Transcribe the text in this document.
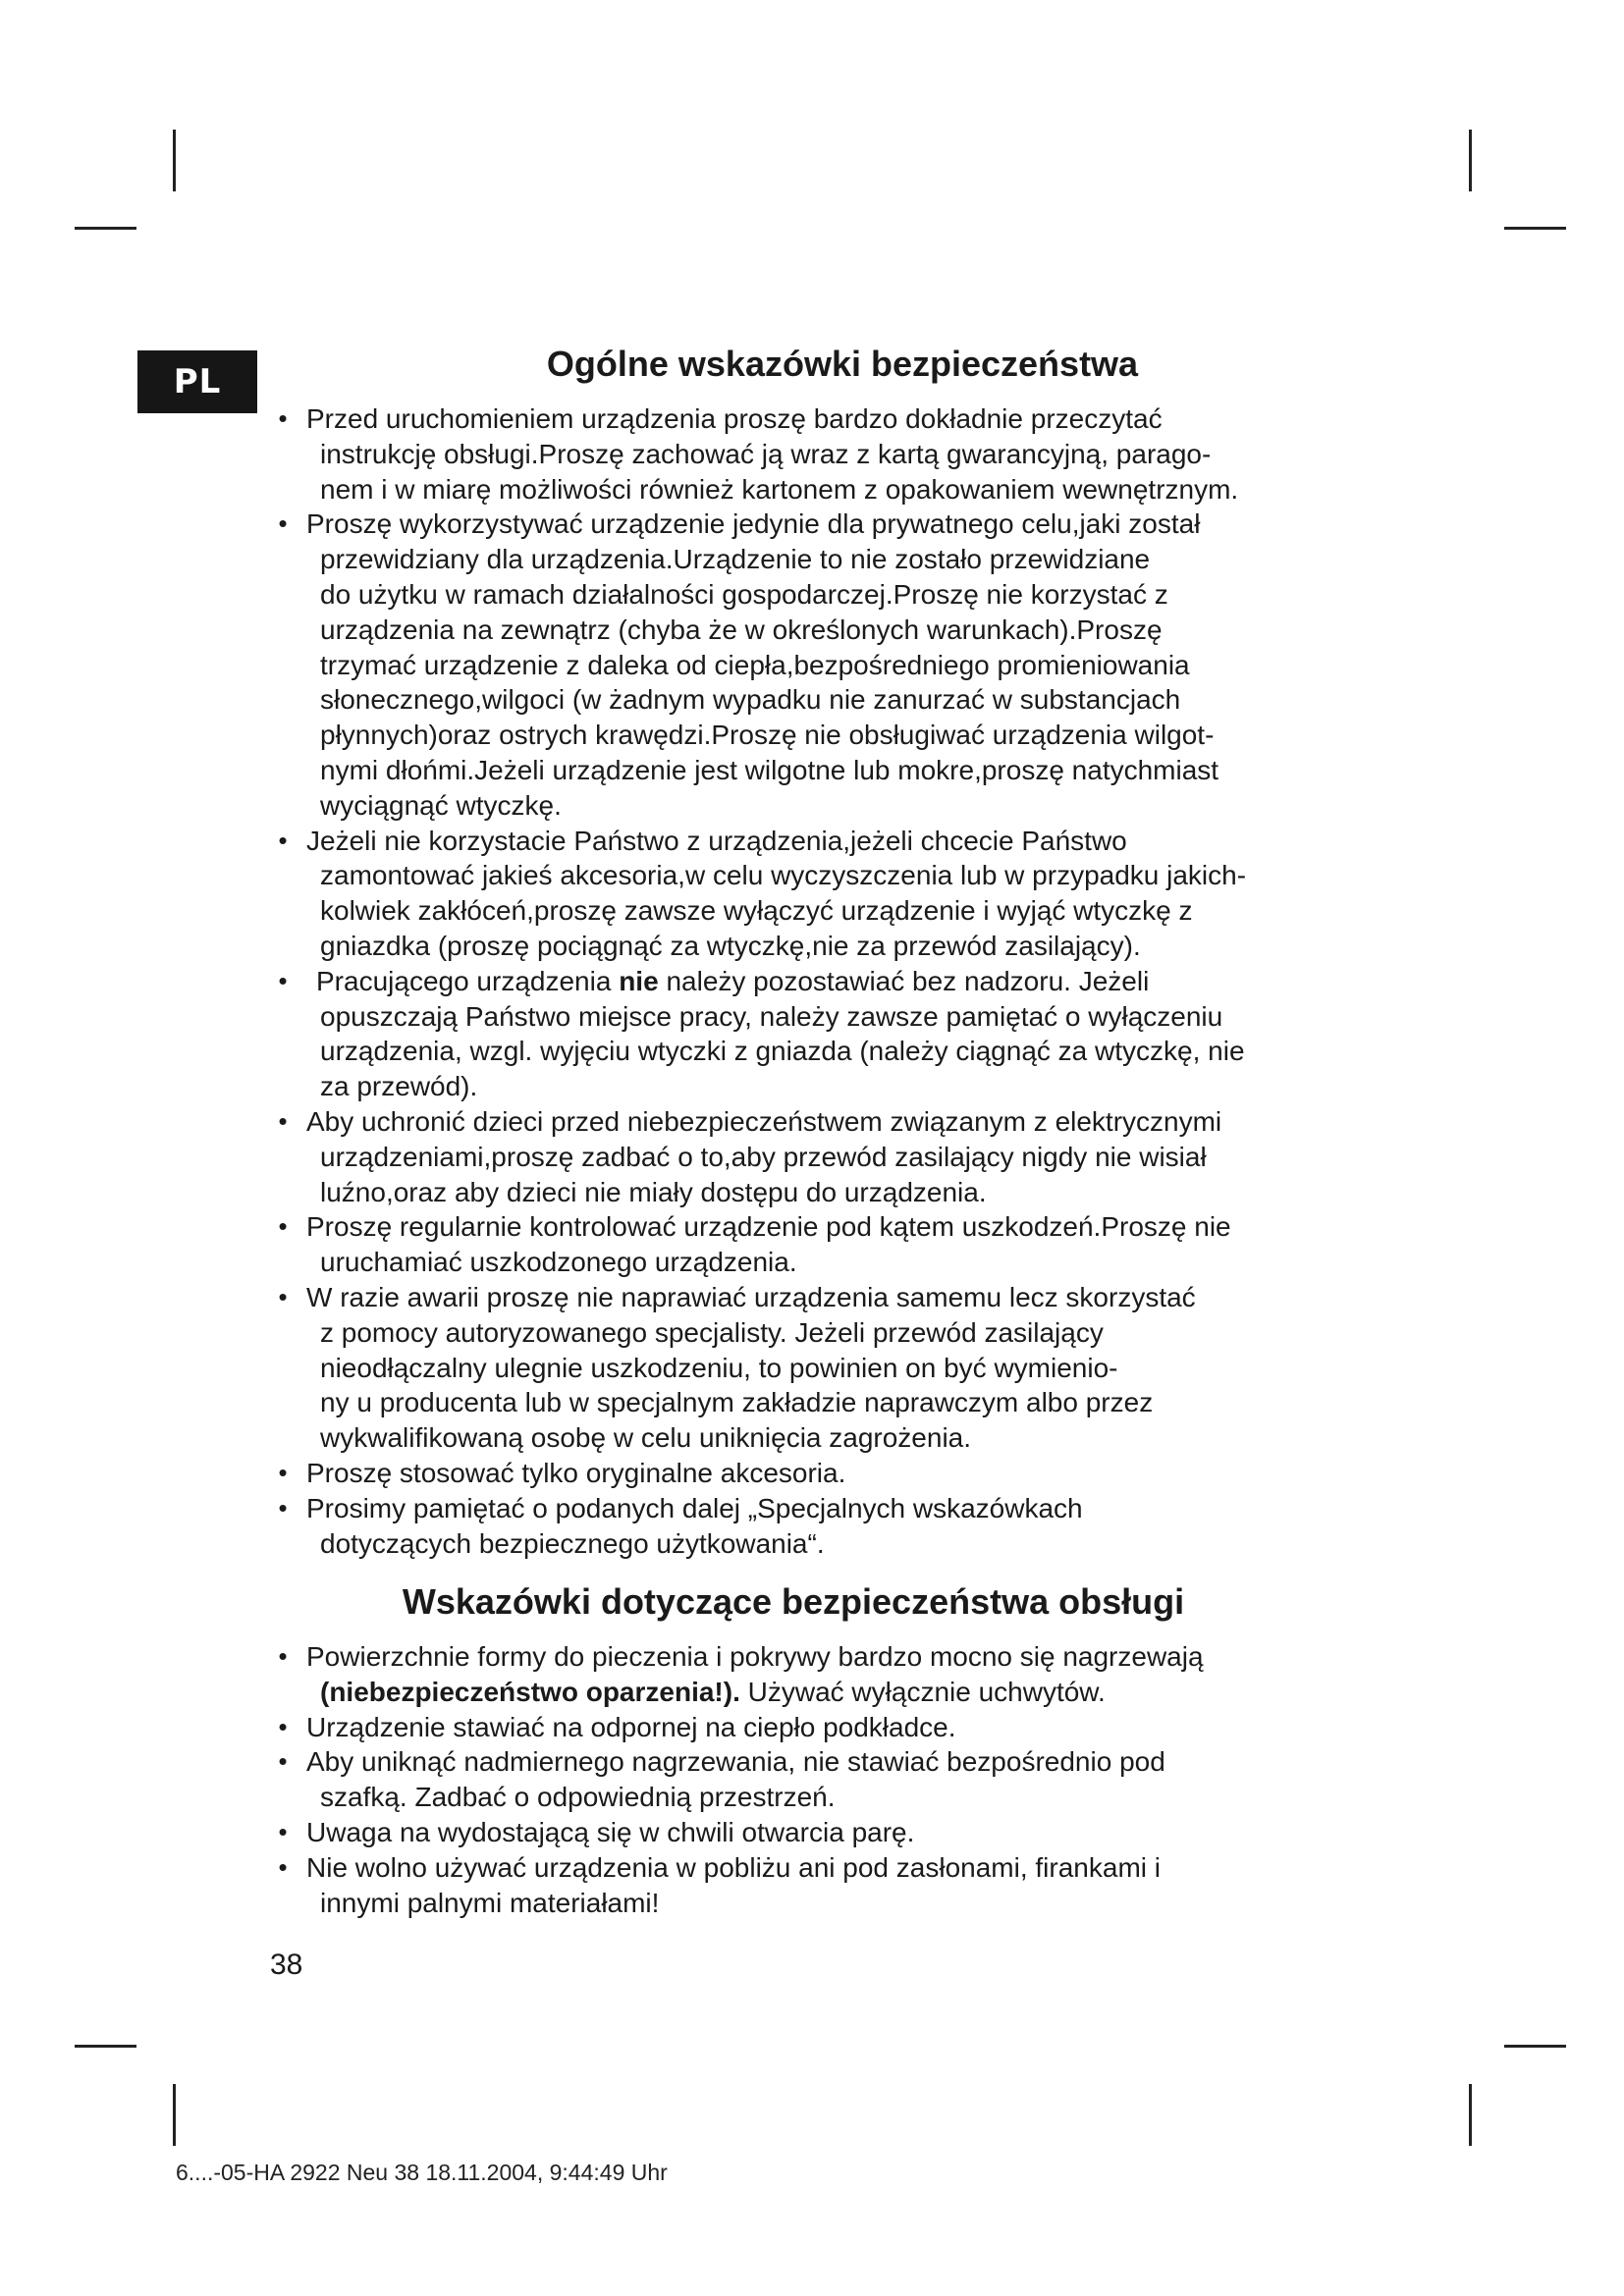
PL	Ogólne wskazówki bezpieczeństwa
• Przed uruchomieniem urządzenia proszę bardzo dokładnie przeczytać
instrukcję obsługi.Proszę zachować ją wraz z kartą gwarancyjną, parago-
nem i w miarę możliwości również kartonem z opakowaniem wewnętrznym.
• Proszę wykorzystywać urządzenie jedynie dla prywatnego celu,jaki został
przewidziany dla urządzenia.Urządzenie to nie zostało przewidziane
do użytku w ramach działalności gospodarczej.Proszę nie korzystać z
urządzenia na zewnątrz (chyba że w określonych warunkach).Proszę
trzymać urządzenie z daleka od ciepła,bezpośredniego promieniowania
słonecznego,wilgoci (w żadnym wypadku nie zanurzać w substancjach
płynnych)oraz ostrych krawędzi.Proszę nie obsługiwać urządzenia wilgot-
nymi dłońmi.Jeżeli urządzenie jest wilgotne lub mokre,proszę natychmiast
wyciągnąć wtyczkę.
• Jeżeli nie korzystacie Państwo z urządzenia,jeżeli chcecie Państwo
zamontować jakieś akcesoria,w celu wyczyszczenia lub w przypadku jakich-
kolwiek zakłóceń,proszę zawsze wyłączyć urządzenie i wyjąć wtyczkę z
gniazdka (proszę pociągnąć za wtyczkę,nie za przewód zasilający).
•	Pracującego urządzenia nie należy pozostawiać bez nadzoru. Jeżeli
opuszczają Państwo miejsce pracy, należy zawsze pamiętać o wyłączeniu
urządzenia, wzgl. wyjęciu wtyczki z gniazda (należy ciągnąć za wtyczkę, nie
za przewód).
• Aby uchronić dzieci przed niebezpieczeństwem związanym z elektrycznymi
urządzeniami,proszę zadbać o to,aby przewód zasilający nigdy nie wisiał
luźno,oraz aby dzieci nie miały dostępu do urządzenia.
• Proszę regularnie kontrolować urządzenie pod kątem uszkodzeń.Proszę nie
uruchamiać uszkodzonego urządzenia.
• W razie awarii proszę nie naprawiać urządzenia samemu lecz skorzystać
z pomocy autoryzowanego specjalisty. Jeżeli przewód zasilający
nieodłączalny ulegnie uszkodzeniu, to powinien on być wymienio-
ny u producenta lub w specjalnym zakładzie naprawczym albo przez
wykwalifikowaną osobę w celu uniknięcia zagrożenia.
• Proszę stosować tylko oryginalne akcesoria.
• Prosimy pamiętać o podanych dalej „Specjalnych wskazówkach
dotyczących bezpiecznego użytkowania“.
Wskazówki dotyczące bezpieczeństwa obsługi
• Powierzchnie formy do pieczenia i pokrywy bardzo mocno się nagrzewają
(niebezpieczeństwo oparzenia!). Używać wyłącznie uchwytów.
• Urządzenie stawiać na odpornej na ciepło podkładce.
• Aby uniknąć nadmiernego nagrzewania, nie stawiać bezpośrednio pod
szafką. Zadbać o odpowiednią przestrzeń.
• Uwaga na wydostającą się w chwili otwarcia parę.
• Nie wolno używać urządzenia w pobliżu ani pod zasłonami, firankami i
innymi palnymi materiałami!
38
6....-05-HA 2922 Neu 38 18.11.2004, 9:44:49 Uhr
